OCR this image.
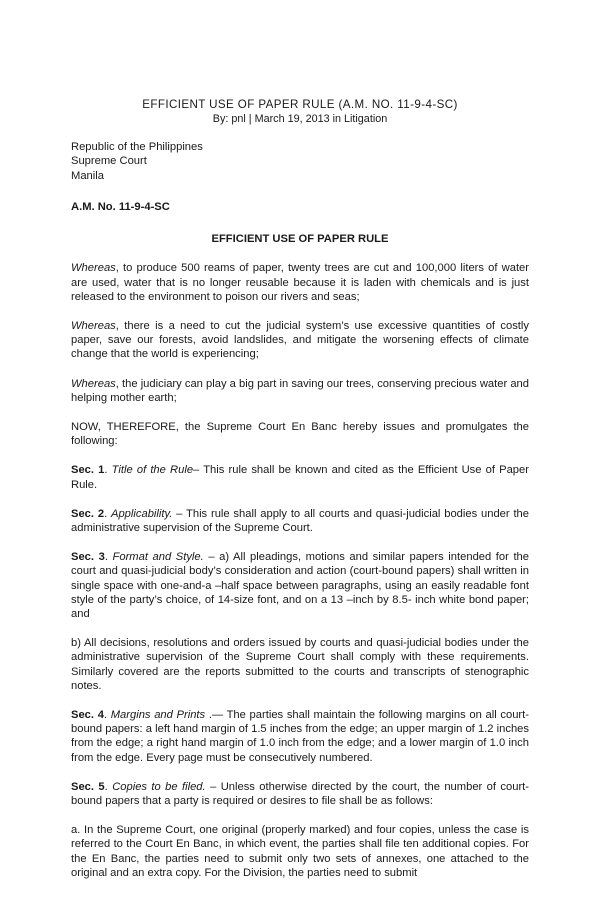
EFFICIENT USE OF PAPER RULE (A.M. NO. 11-9-4-SC)
By: pnl | March 19, 2013 in Litigation
Republic of the Philippines
Supreme Court
Manila
A.M. No. 11-9-4-SC
EFFICIENT USE OF PAPER RULE

Whereas, to produce 500 reams of paper, twenty trees are cut and 100,000 liters of water are used, water that is no longer reusable because it is laden with chemicals and is just released to the environment to poison our rivers and seas;

Whereas, there is a need to cut the judicial system’s use excessive quantities of costly paper, save our forests, avoid landslides, and mitigate the worsening effects of climate change that the world is experiencing;

Whereas, the judiciary can play a big part in saving our trees, conserving precious water and helping mother earth;

NOW, THEREFORE, the Supreme Court En Banc hereby issues and promulgates the following:

Sec. 1. Title of the Rule– This rule shall be known and cited as the Efficient Use of Paper Rule.

Sec. 2. Applicability. – This rule shall apply to all courts and quasi-judicial bodies under the administrative supervision of the Supreme Court.

Sec. 3. Format and Style. – a) All pleadings, motions and similar papers intended for the court and quasi-judicial body’s consideration and action (court-bound papers) shall written in single space with one-and-a –half space between paragraphs, using an easily readable font style of the party’s choice, of 14-size font, and on a 13 –inch by 8.5- inch white bond paper; and

b) All decisions, resolutions and orders issued by courts and quasi-judicial bodies under the administrative supervision of the Supreme Court shall comply with these requirements. Similarly covered are the reports submitted to the courts and transcripts of stenographic notes.

Sec. 4. Margins and Prints .— The parties shall maintain the following margins on all court-bound papers: a left hand margin of 1.5 inches from the edge; an upper margin of 1.2 inches from the edge; a right hand margin of 1.0 inch from the edge; and a lower margin of 1.0 inch from the edge. Every page must be consecutively numbered.

Sec. 5. Copies to be filed. – Unless otherwise directed by the court, the number of court- bound papers that a party is required or desires to file shall be as follows:

a. In the Supreme Court, one original (properly marked) and four copies, unless the case is referred to the Court En Banc, in which event, the parties shall file ten additional copies. For the En Banc, the parties need to submit only two sets of annexes, one attached to the original and an extra copy. For the Division, the parties need to submit
